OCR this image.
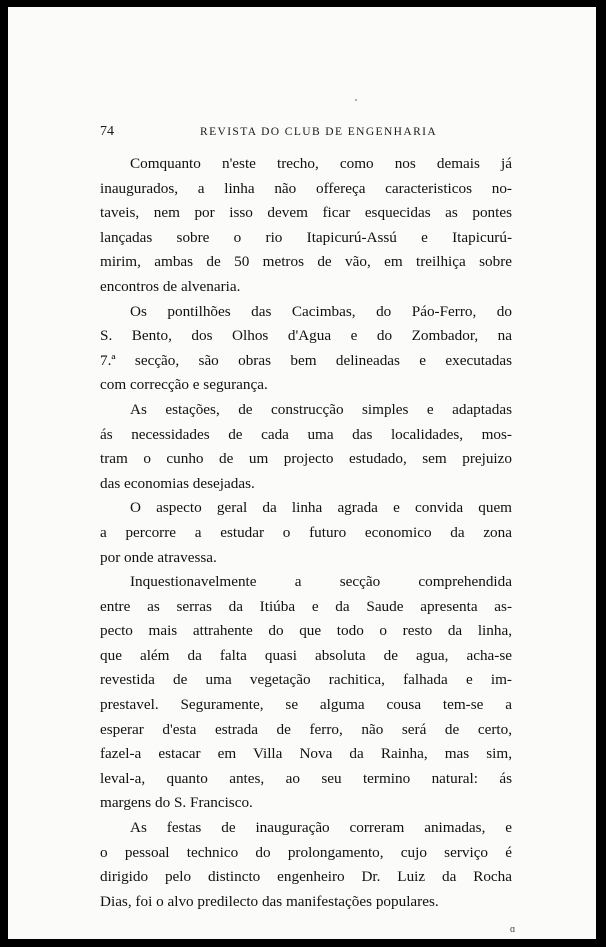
74	REVISTA DO CLUB DE ENGENHARIA
Comquanto n'este trecho, como nos demais já
inaugurados, a linha não offereça caracteristicos no-
taveis, nem por isso devem ficar esquecidas as pontes
lançadas sobre o rio Itapicurú-Assú e Itapicurú-
mirim, ambas de 50 metros de vão, em treilhiça sobre
encontros de alvenaria.
Os pontilhões das Cacimbas, do Páo-Ferro, do
S. Bento, dos Olhos d'Agua e do Zombador, na
7.ª secção, são obras bem delineadas e executadas
com correcção e segurança.
As estações, de construcção simples e adaptadas
ás necessidades de cada uma das localidades, mos-
tram o cunho de um projecto estudado, sem prejuizo
das economias desejadas.
O aspecto geral da linha agrada e convida quem
a percorre a estudar o futuro economico da zona
por onde atravessa.
Inquestionavelmente a secção comprehendida
entre as serras da Itiúba e da Saude apresenta as-
pecto mais attrahente do que todo o resto da linha,
que além da falta quasi absoluta de agua, acha-se
revestida de uma vegetação rachitica, falhada e im-
prestavel. Seguramente, se alguma cousa tem-se a
esperar d'esta estrada de ferro, não será de certo,
fazel-a estacar em Villa Nova da Rainha, mas sim,
leval-a, quanto antes, ao seu termino natural: ás
margens do S. Francisco.
As festas de inauguração correram animadas, e
o pessoal technico do prolongamento, cujo serviço é
dirigido pelo distincto engenheiro Dr. Luiz da Rocha
Dias, foi o alvo predilecto das manifestações populares.
ɑ
